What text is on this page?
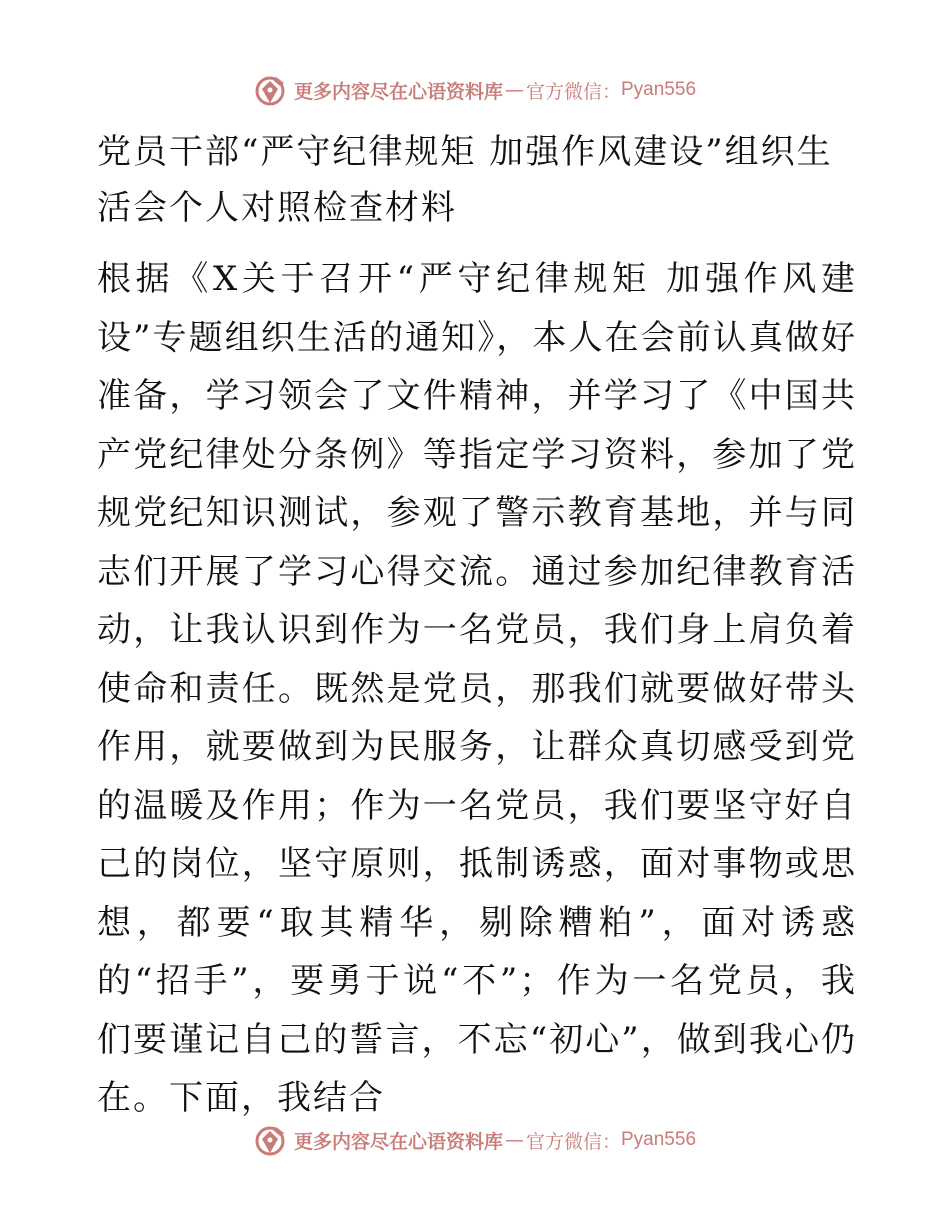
更多内容尽在心语资料库 — 官方微信： Pyan556
党员干部“严守纪律规矩 加强作风建设”组织生活会个人对照检查材料

根据《X关于召开“严守纪律规矩 加强作风建设”专题组织生活的通知》，本人在会前认真做好准备，学习领会了文件精神，并学习了《中国共产党纪律处分条例》等指定学习资料，参加了党规党纪知识测试，参观了警示教育基地，并与同志们开展了学习心得交流。通过参加纪律教育活动，让我认识到作为一名党员，我们身上肩负着使命和责任。既然是党员，那我们就要做好带头作用，就要做到为民服务，让群众真切感受到党的温暖及作用；作为一名党员，我们要坚守好自己的岗位，坚守原则，抵制诱惑，面对事物或思想，都要“取其精华，剔除糟粕”，面对诱惑的“招手”，要勇于说“不”；作为一名党员，我们要谨记自己的誓言，不忘“初心”，做到我心仍在。下面，我结合

更多内容尽在心语资料库 — 官方微信： Pyan556
